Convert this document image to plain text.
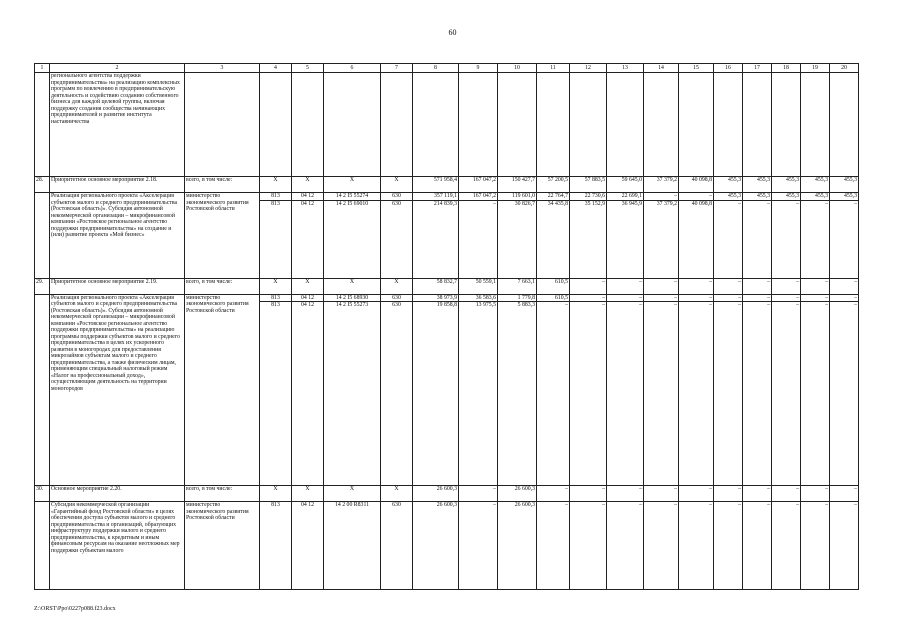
60
1	2	3	4	5	6	7	8	9	10	11	12	13	14	15	16	17	18	19	20
	регионального агентства поддержки предпринимательства» на реализацию комплексных программ по вовлечению в предпринимательскую деятельность и содействию созданию собственного бизнеса для каждой целевой группы, включая поддержку создания сообщества начинающих предпринимателей и развитие института наставничества																		
28.	Приоритетное основное мероприятие 2.18.	всего, в том числе:	X	X	X	X	571 958,4	167 047,2	150 427,7	57 200,5	57 883,5	59 645,0	37 379,2	40 098,8	455,3	455,3	455,3	455,3	455,3
	Реализация регионального проекта «Акселерация субъектов малого и среднего предпринимательства (Ростовская область)». Субсидия автономной некоммерческой организации – микрофинансовой компании «Ростовское региональное агентство поддержки предпринимательства» на создание и (или) развитие проекта «Мой бизнес»	министерство экономического развития Ростовской области	813	04 12	14 2 I5 55274	630	357 119,1	167 047,2	119 601,0	22 764,7	22 730,6	22 699,1	–	–	455,3	455,3	455,3	455,3	455,3
			813	04 12	14 2 I5 69010	630	214 839,3	–	30 826,7	34 435,8	35 152,9	36 945,9	37 379,2	40 098,8	–	–	–	–	–
29.	Приоритетное основное мероприятие 2.19.	всего, в том числе:	X	X	X	X	58 832,7	50 559,1	7 663,1	610,5	–	–	–	–	–	–	–	–	–
	Реализация регионального проекта «Акселерация субъектов малого и среднего предпринимательства (Ростовская область)». Субсидия автономной некоммерческой организации – микрофинансовой компании «Ростовское региональное агентство поддержки предпринимательства» на реализацию программы поддержки субъектов малого и среднего предпринимательства в целях их ускоренного развития в моногородах для предоставления микрозаймов субъектам малого и среднего предпринимательства, а также физическим лицам, применяющим специальный налоговый режим «Налог на профессиональный доход», осуществляющим деятельность на территории моногородов	министерство экономического развития Ростовской области	813	04 12	14 2 I5 68930	630	38 973,9	36 583,6	1 779,8	610,5	–	–	–	–	–	–	–	–	–
			813	04 12	14 2 I5 55273	630	19 858,8	13 975,5	5 883,3	–	–	–	–	–	–	–	–	–	–
30.	Основное мероприятие 2.20.	всего, в том числе:	X	X	X	X	26 600,3	–	26 600,3	–	–	–	–	–	–	–	–	–	–
	Субсидия некоммерческой организации «Гарантийный фонд Ростовской области» в целях обеспечения доступа субъектов малого и среднего предпринимательства и организаций, образующих инфраструктуру поддержки малого и среднего предпринимательства, к кредитным и иным финансовым ресурсам на оказание неотложных мер поддержки субъектам малого	министерство экономического развития Ростовской области	813	04 12	14 2 00 R8311	630	26 600,3	–	26 600,3	–	–	–	–	–	–	–	–	–	–
Z:\ORST\Ppo\0227p088.f23.docx
